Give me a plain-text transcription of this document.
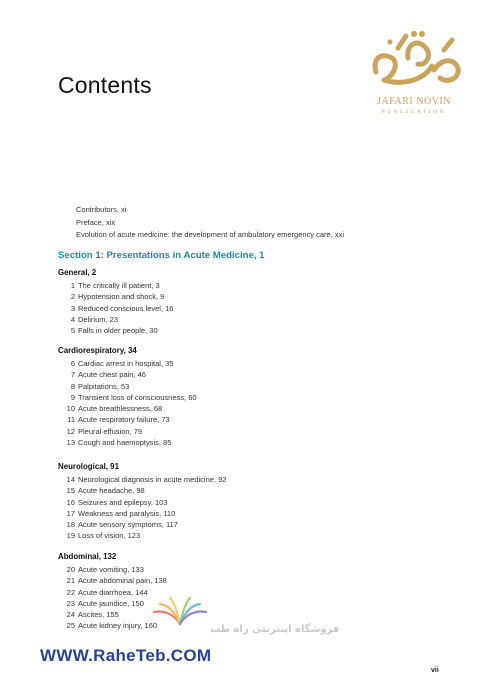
JAFARI NOVIN
PUBLICATION
Contents
Contributors, xi
Preface, xix
Evolution of acute medicine: the development of ambulatory emergency care, xxi
Section 1: Presentations in Acute Medicine, 1
General, 2
1 The critically ill patient, 3
2 Hypotension and shock, 9
3 Reduced conscious level, 16
4 Delirium, 23
5 Falls in older people, 30
Cardiorespiratory, 34
6 Cardiac arrest in hospital, 35
7 Acute chest pain, 46
8 Palpitations, 53
9 Transient loss of consciousness, 60
10 Acute breathlessness, 68
11 Acute respiratory failure, 73
12 Pleural effusion, 79
13 Cough and haemoptysis, 85
Neurological, 91
14 Neurological diagnosis in acute medicine, 92
15 Acute headache, 98
16 Seizures and epilepsy, 103
17 Weakness and paralysis, 110
18 Acute sensory symptoms, 117
19 Loss of vision, 123
Abdominal, 132
20 Acute vomiting, 133
21 Acute abdominal pain, 138
22 Acute diarrhoea, 144
23 Acute jaundice, 150
24 Ascites, 155
25 Acute kidney injury, 160	فروشگاه اینترنتی راه طب
WWW.RaheTeb.COM
vii
